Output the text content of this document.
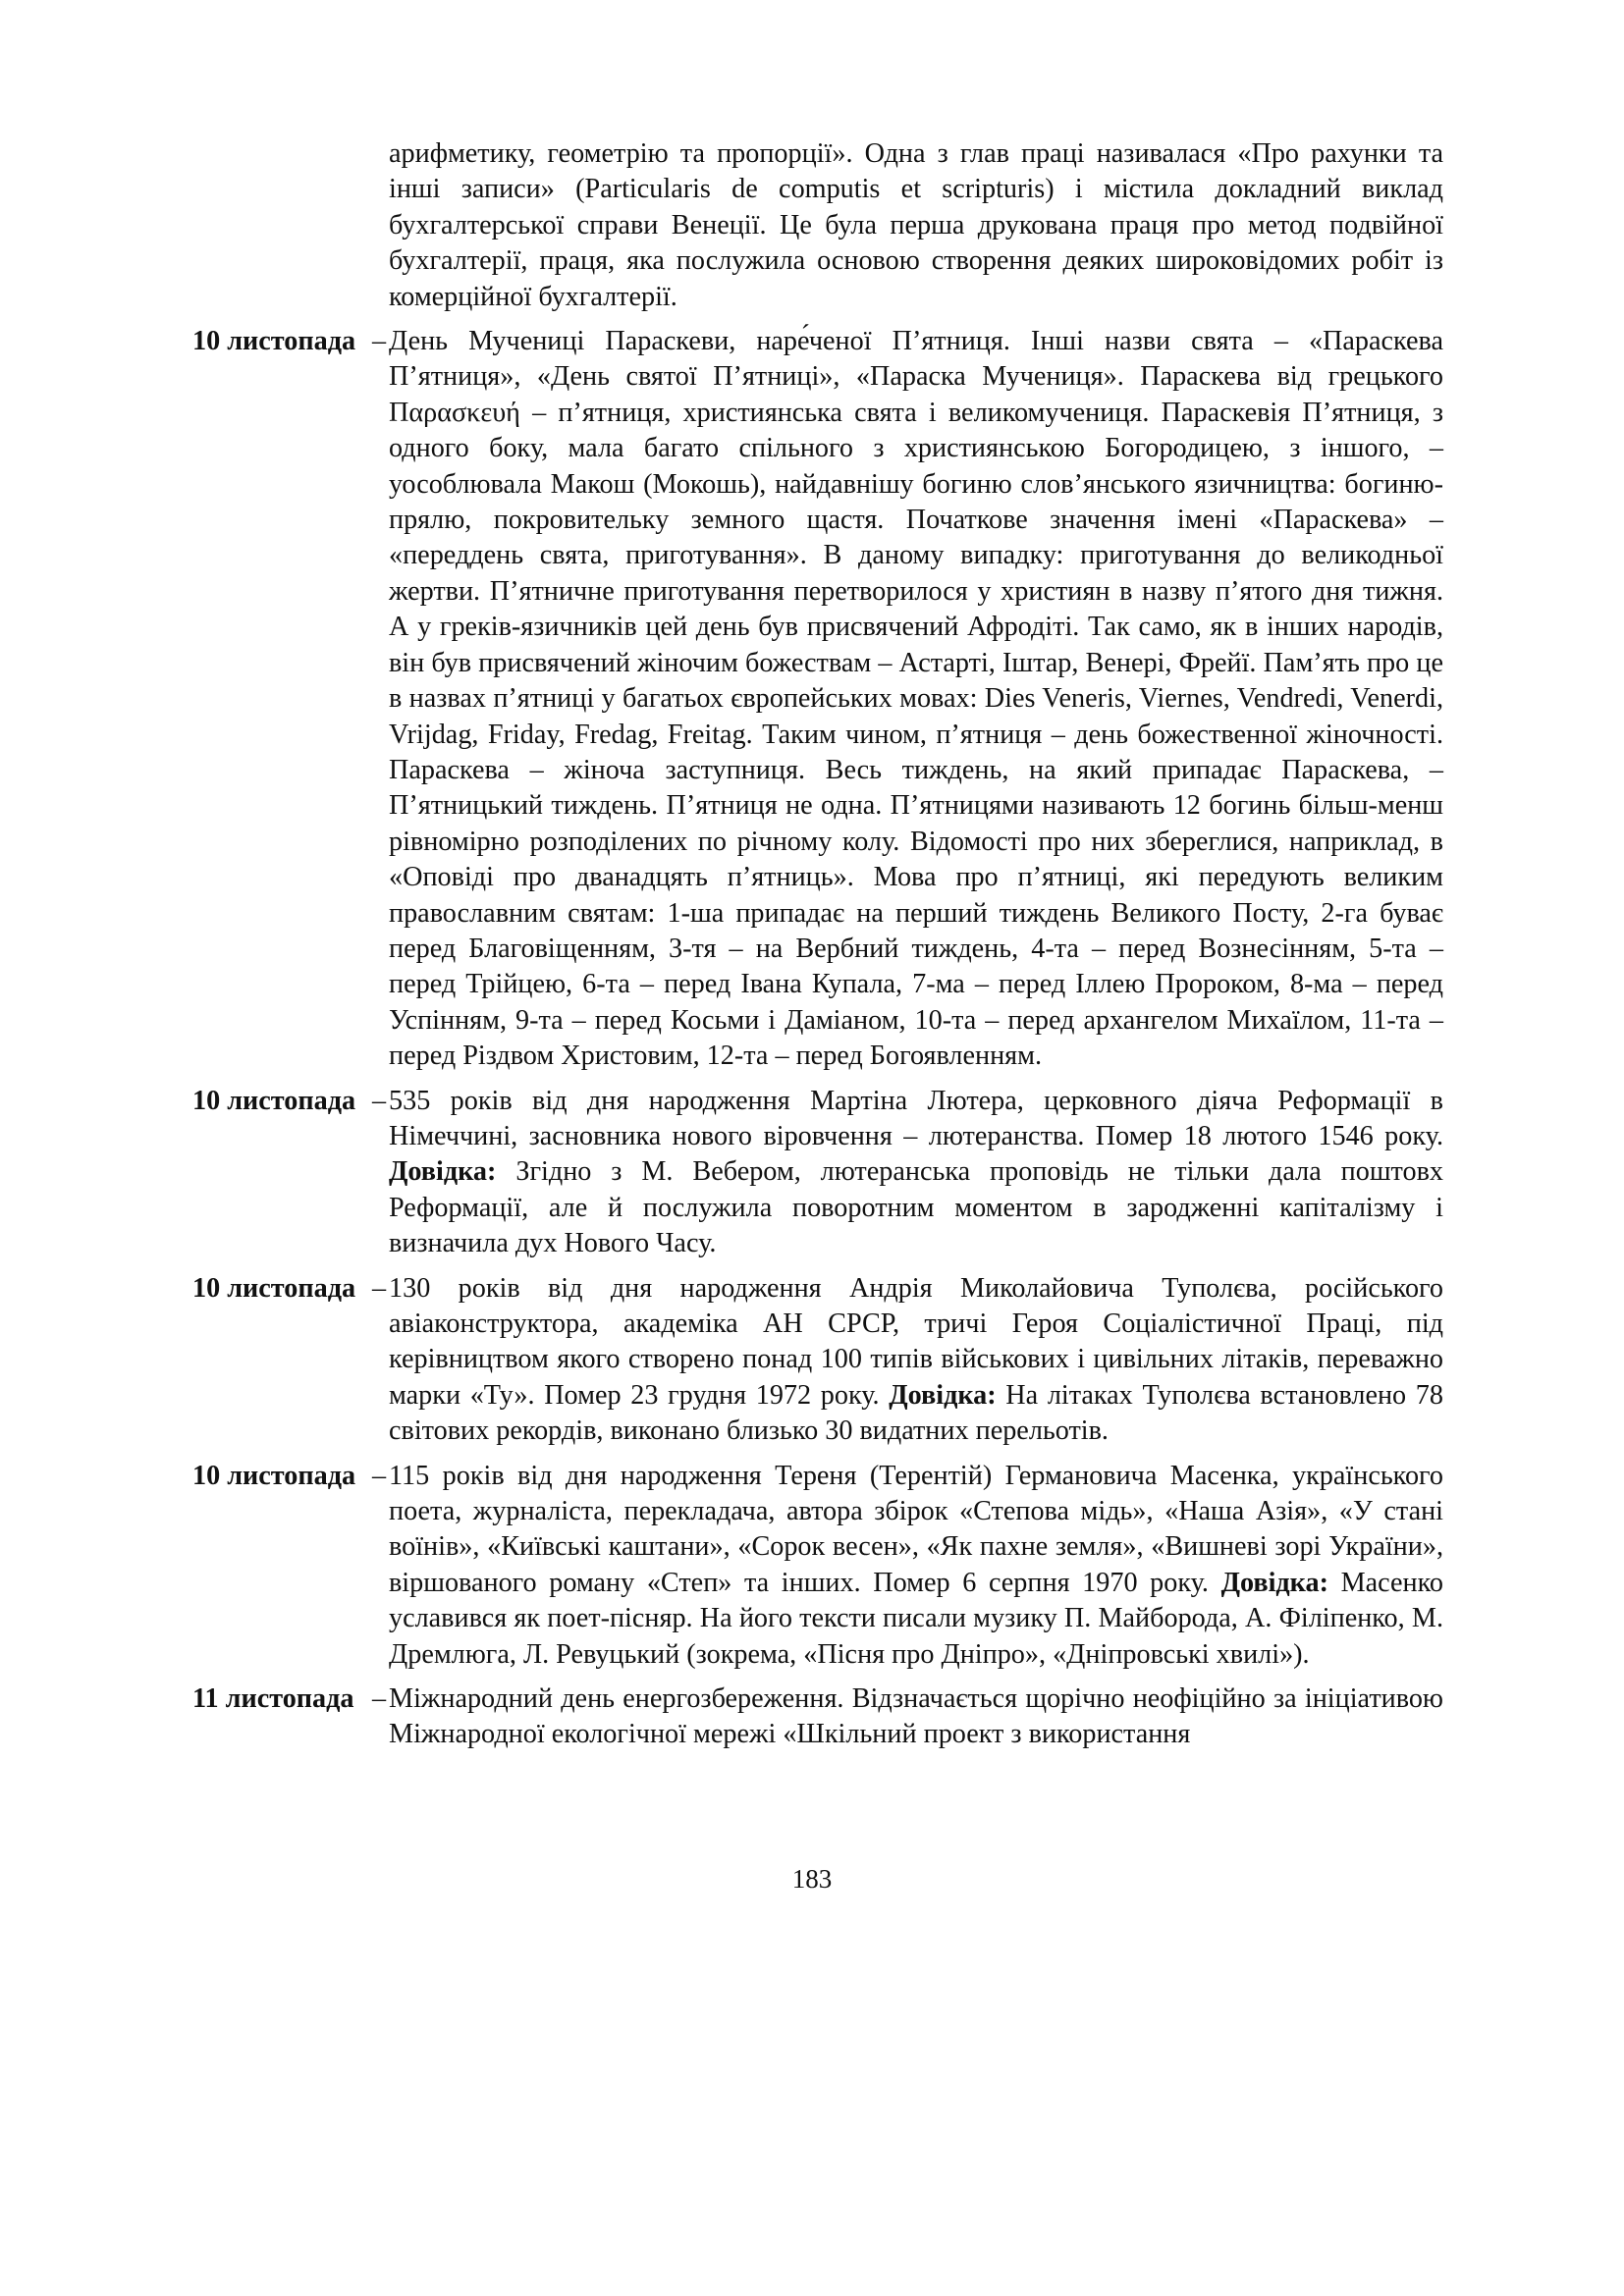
арифметику, геометрію та пропорції». Одна з глав праці називалася «Про рахунки та інші записи» (Particularis de computis et scripturis) і містила докладний виклад бухгалтерської справи Венеції. Це була перша друкована праця про метод подвійної бухгалтерії, праця, яка послужила основою створення деяких широковідомих робіт із комерційної бухгалтерії.
10 листопада – День Мучениці Параскеви, наре́ченої П’ятниця. Інші назви свята – «Параскева П’ятниця», «День святої П’ятниці», «Параска Мучениця». Параскева від грецького Παρασκευή – п’ятниця, християнська свята і великомучениця. Параскевія П’ятниця, з одного боку, мала багато спільного з християнською Богородицею, з іншого, – уособлювала Макош (Мокошь), найдавнішу богиню слов’янського язичництва: богиню-прялю, покровительку земного щастя. Початкове значення імені «Параскева» – «переддень свята, приготування». В даному випадку: приготування до великодньої жертви. П’ятничне приготування перетворилося у християн в назву п’ятого дня тижня. А у греків-язичників цей день був присвячений Афродіті. Так само, як в інших народів, він був присвячений жіночим божествам – Астарті, Іштар, Венері, Фрейї. Пам’ять про це в назвах п’ятниці у багатьох європейських мовах: Dies Veneris, Viernes, Vendredi, Venerdi, Vrijdag, Friday, Fredag, Freitag. Таким чином, п’ятниця – день божественної жіночності. Параскева – жіноча заступниця. Весь тиждень, на який припадає Параскева, – П’ятницький тиждень. П’ятниця не одна. П’ятницями називають 12 богинь більш-менш рівномірно розподілених по річному колу. Відомості про них збереглися, наприклад, в «Оповіді про дванадцять п’ятниць». Мова про п’ятниці, які передують великим православним святам: 1-ша припадає на перший тиждень Великого Посту, 2-га буває перед Благовіщенням, 3-тя – на Вербний тиждень, 4-та – перед Вознесінням, 5-та – перед Трійцею, 6-та – перед Івана Купала, 7-ма – перед Іллею Пророком, 8-ма – перед Успінням, 9-та – перед Косьми і Даміаном, 10-та – перед архангелом Михаїлом, 11-та – перед Різдвом Христовим, 12-та – перед Богоявленням.
10 листопада – 535 років від дня народження Мартіна Лютера, церковного діяча Реформації в Німеччині, засновника нового віровчення – лютеранства. Помер 18 лютого 1546 року. Довідка: Згідно з М. Вебером, лютеранська проповідь не тільки дала поштовх Реформації, але й послужила поворотним моментом в зародженні капіталізму і визначила дух Нового Часу.
10 листопада – 130 років від дня народження Андрія Миколайовича Туполєва, російського авіаконструктора, академіка АН СРСР, тричі Героя Соціалістичної Праці, під керівництвом якого створено понад 100 типів військових і цивільних літаків, переважно марки «Ту». Помер 23 грудня 1972 року. Довідка: На літаках Туполєва встановлено 78 світових рекордів, виконано близько 30 видатних перельотів.
10 листопада – 115 років від дня народження Тереня (Терентій) Германовича Масенка, українського поета, журналіста, перекладача, автора збірок «Степова мідь», «Наша Азія», «У стані воїнів», «Київські каштани», «Сорок весен», «Як пахне земля», «Вишневі зорі України», віршованого роману «Степ» та інших. Помер 6 серпня 1970 року. Довідка: Масенко уславився як поет-пісняр. На його тексти писали музику П. Майборода, А. Філіпенко, М. Дремлюга, Л. Ревуцький (зокрема, «Пісня про Дніпро», «Дніпровські хвилі»).
11 листопада – Міжнародний день енергозбереження. Відзначається щорічно неофіційно за ініціативою Міжнародної екологічної мережі «Шкільний проект з використання
183
